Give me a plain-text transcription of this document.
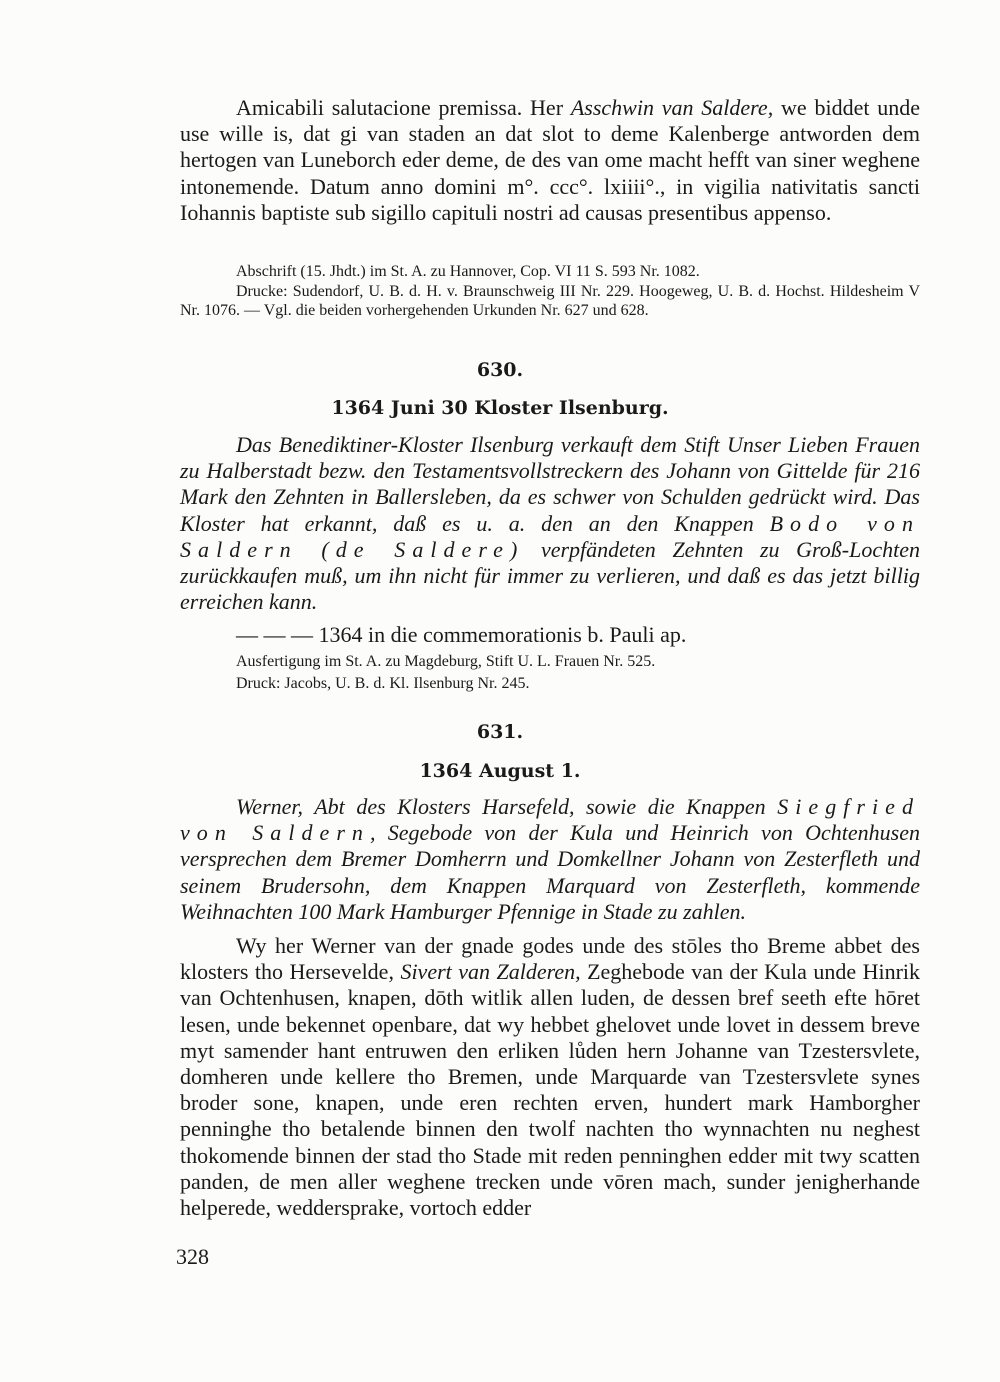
Amicabili salutacione premissa. Her Asschwin van Saldere, we biddet unde use wille is, dat gi van staden an dat slot to deme Kalenberge antworden dem hertogen van Luneborch eder deme, de des van ome macht hefft van siner weghene intonemende. Datum anno domini m°. ccc°. lxiiii°., in vigilia nativitatis sancti Iohannis baptiste sub sigillo capituli nostri ad causas presentibus appenso.

Abschrift (15. Jhdt.) im St. A. zu Hannover, Cop. VI 11 S. 593 Nr. 1082.

Drucke: Sudendorf, U. B. d. H. v. Braunschweig III Nr. 229. Hoogeweg, U. B. d. Hochst. Hildesheim V Nr. 1076. — Vgl. die beiden vorhergehenden Urkunden Nr. 627 und 628.

630.

1364 Juni 30 Kloster Ilsenburg.

Das Benediktiner-Kloster Ilsenburg verkauft dem Stift Unser Lieben Frauen zu Halberstadt bezw. den Testamentsvollstreckern des Johann von Gittelde für 216 Mark den Zehnten in Ballersleben, da es schwer von Schulden gedrückt wird. Das Kloster hat erkannt, daß es u. a. den an den Knappen Bodo von Saldern (de Saldere) verpfändeten Zehnten zu Groß-Lochten zurückkaufen muß, um ihn nicht für immer zu verlieren, und daß es das jetzt billig erreichen kann.

— — — 1364 in die commemorationis b. Pauli ap.

Ausfertigung im St. A. zu Magdeburg, Stift U. L. Frauen Nr. 525.

Druck: Jacobs, U. B. d. Kl. Ilsenburg Nr. 245.

631.

1364 August 1.

Werner, Abt des Klosters Harsefeld, sowie die Knappen Siegfried von Saldern, Segebode von der Kula und Heinrich von Ochtenhusen versprechen dem Bremer Domherrn und Domkellner Johann von Zesterfleth und seinem Brudersohn, dem Knappen Marquard von Zesterfleth, kommende Weihnachten 100 Mark Hamburger Pfennige in Stade zu zahlen.

Wy her Werner van der gnade godes unde des stōles tho Breme abbet des klosters tho Hersevelde, Sivert van Zalderen, Zeghebode van der Kula unde Hinrik van Ochtenhusen, knapen, dōth witlik allen luden, de dessen bref seeth efte hōret lesen, unde bekennet openbare, dat wy hebbet ghelovet unde lovet in dessem breve myt samender hant entruwen den erliken lůden hern Johanne van Tzestersvlete, domheren unde kellere tho Bremen, unde Marquarde van Tzestersvlete synes broder sone, knapen, unde eren rechten erven, hundert mark Hamborgher penninghe tho betalende binnen den twolf nachten tho wynnachten nu neghest thokomende binnen der stad tho Stade mit reden penninghen edder mit twy scatten panden, de men aller weghene trecken unde vōren mach, sunder jenigherhande helperede, weddersprake, vortoch edder

328
